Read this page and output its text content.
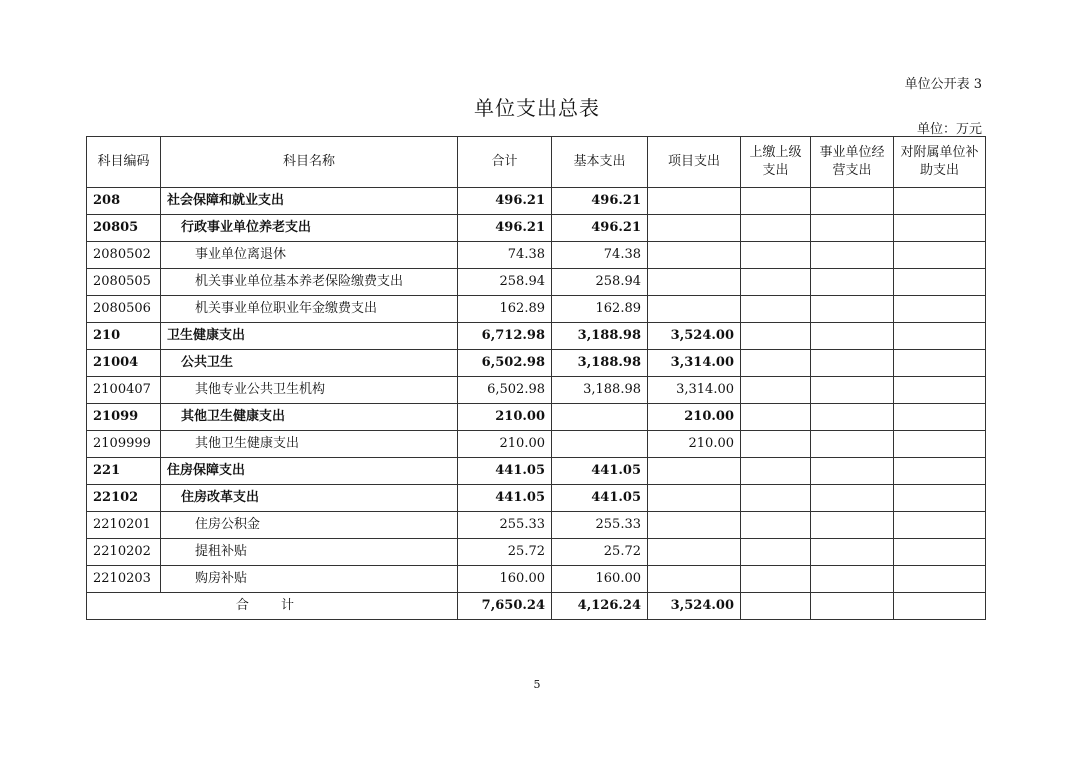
单位公开表 3
单位支出总表
单位：万元
科目编码	科目名称	合计	基本支出	项目支出	上缴上级支出	事业单位经营支出	对附属单位补助支出
208	社会保障和就业支出	496.21	496.21				
20805	行政事业单位养老支出	496.21	496.21				
2080502	事业单位离退休	74.38	74.38				
2080505	机关事业单位基本养老保险缴费支出	258.94	258.94				
2080506	机关事业单位职业年金缴费支出	162.89	162.89				
210	卫生健康支出	6,712.98	3,188.98	3,524.00			
21004	公共卫生	6,502.98	3,188.98	3,314.00			
2100407	其他专业公共卫生机构	6,502.98	3,188.98	3,314.00			
21099	其他卫生健康支出	210.00		210.00			
2109999	其他卫生健康支出	210.00		210.00			
221	住房保障支出	441.05	441.05				
22102	住房改革支出	441.05	441.05				
2210201	住房公积金	255.33	255.33				
2210202	提租补贴	25.72	25.72				
2210203	购房补贴	160.00	160.00				
合 计		7,650.24	4,126.24	3,524.00			
5
